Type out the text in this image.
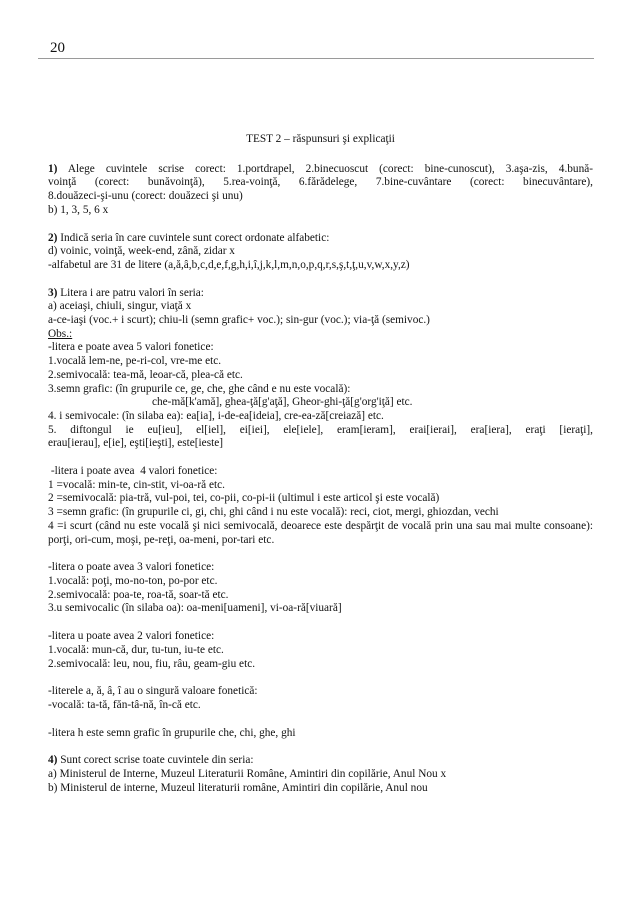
20
TEST 2 – răspunsuri şi explicaţii
1) Alege cuvintele scrise corect: 1.portdrapel, 2.binecuoscut (corect: bine-cunoscut), 3.aşa-zis, 4.bună-
voinţă (corect: bunăvoinţă), 5.rea-voinţă, 6.fărădelege, 7.bine-cuvântare (corect: binecuvântare),
8.douăzeci-şi-unu (corect: douăzeci şi unu)
b) 1, 3, 5, 6 x
2) Indică seria în care cuvintele sunt corect ordonate alfabetic:
d) voinic, voinţă, week-end, zână, zidar x
-alfabetul are 31 de litere (a,ă,â,b,c,d,e,f,g,h,i,î,j,k,l,m,n,o,p,q,r,s,ş,t,ţ,u,v,w,x,y,z)
3) Litera i are patru valori în seria:
a) aceiaşi, chiuli, singur, viaţă x
a-ce-iaşi (voc.+ i scurt); chiu-li (semn grafic+ voc.); sin-gur (voc.); via-ţă (semivoc.)
Obs.:
-litera e poate avea 5 valori fonetice:
1.vocală lem-ne, pe-ri-col, vre-me etc.
2.semivocală: tea-mă, leoar-că, plea-că etc.
3.semn grafic: (în grupurile ce, ge, che, ghe când e nu este vocală):
che-mă[k'amă], ghea-ţă[g'aţă], Gheor-ghi-ţă[g'org'iţă] etc.
4. i semivocale: (în silaba ea): ea[ia], i-de-ea[ideia], cre-ea-ză[creiază] etc.
5. diftongul ie eu[ieu], el[iel], ei[iei], ele[iele], eram[ieram], erai[ierai], era[iera], eraţi [ieraţi],
erau[ierau], e[ie], eşti[ieşti], este[ieste]
-litera i poate avea  4 valori fonetice:
1 =vocală: min-te, cin-stit, vi-oa-ră etc.
2 =semivocală: pia-tră, vul-poi, tei, co-pii, co-pi-ii (ultimul i este articol şi este vocală)
3 =semn grafic: (în grupurile ci, gi, chi, ghi când i nu este vocală): reci, ciot, mergi, ghiozdan, vechi
4 =i scurt (când nu este vocală şi nici semivocală, deoarece este despărţit de vocală prin una sau mai multe consoane): porţi, ori-cum, moşi, pe-reţi, oa-meni, por-tari etc.
-litera o poate avea 3 valori fonetice:
1.vocală: poţi, mo-no-ton, po-por etc.
2.semivocală: poa-te, roa-tă, soar-tă etc.
3.u semivocalic (în silaba oa): oa-meni[uameni], vi-oa-ră[viuară]
-litera u poate avea 2 valori fonetice:
1.vocală: mun-că, dur, tu-tun, iu-te etc.
2.semivocală: leu, nou, fiu, râu, geam-giu etc.
-literele a, ă, â, î au o singură valoare fonetică:
-vocală: ta-tă, făn-tâ-nă, în-că etc.
-litera h este semn grafic în grupurile che, chi, ghe, ghi
4) Sunt corect scrise toate cuvintele din seria:
a) Ministerul de Interne, Muzeul Literaturii Române, Amintiri din copilărie, Anul Nou x
b) Ministerul de interne, Muzeul literaturii române, Amintiri din copilărie, Anul nou
